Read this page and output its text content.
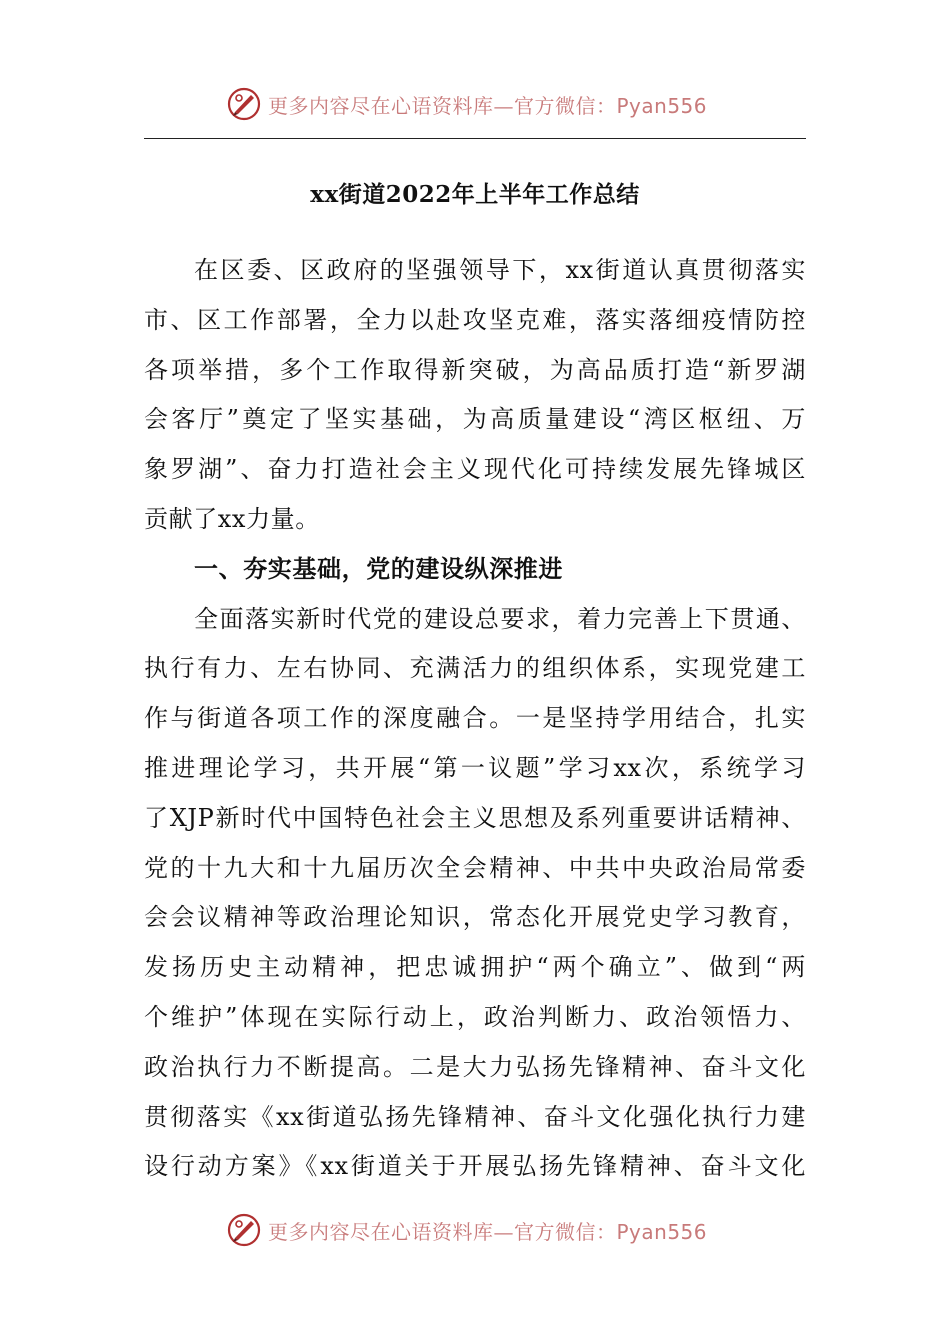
更多内容尽在心语资料库—官方微信：Pyan556
xx街道2022年上半年工作总结
在区委、区政府的坚强领导下，xx街道认真贯彻落实
市、区工作部署，全力以赴攻坚克难，落实落细疫情防控
各项举措，多个工作取得新突破，为高品质打造“新罗湖
会客厅”奠定了坚实基础，为高质量建设“湾区枢纽、万
象罗湖”、奋力打造社会主义现代化可持续发展先锋城区
贡献了xx力量。
一、夯实基础，党的建设纵深推进
全面落实新时代党的建设总要求，着力完善上下贯通、
执行有力、左右协同、充满活力的组织体系，实现党建工
作与街道各项工作的深度融合。一是坚持学用结合，扎实
推进理论学习，共开展“第一议题”学习xx次，系统学习
了XJP新时代中国特色社会主义思想及系列重要讲话精神、
党的十九大和十九届历次全会精神、中共中央政治局常委
会会议精神等政治理论知识，常态化开展党史学习教育，
发扬历史主动精神，把忠诚拥护“两个确立”、做到“两
个维护”体现在实际行动上，政治判断力、政治领悟力、
政治执行力不断提高。二是大力弘扬先锋精神、奋斗文化
贯彻落实《xx街道弘扬先锋精神、奋斗文化强化执行力建
设行动方案》《xx街道关于开展弘扬先锋精神、奋斗文化
更多内容尽在心语资料库—官方微信：Pyan556
